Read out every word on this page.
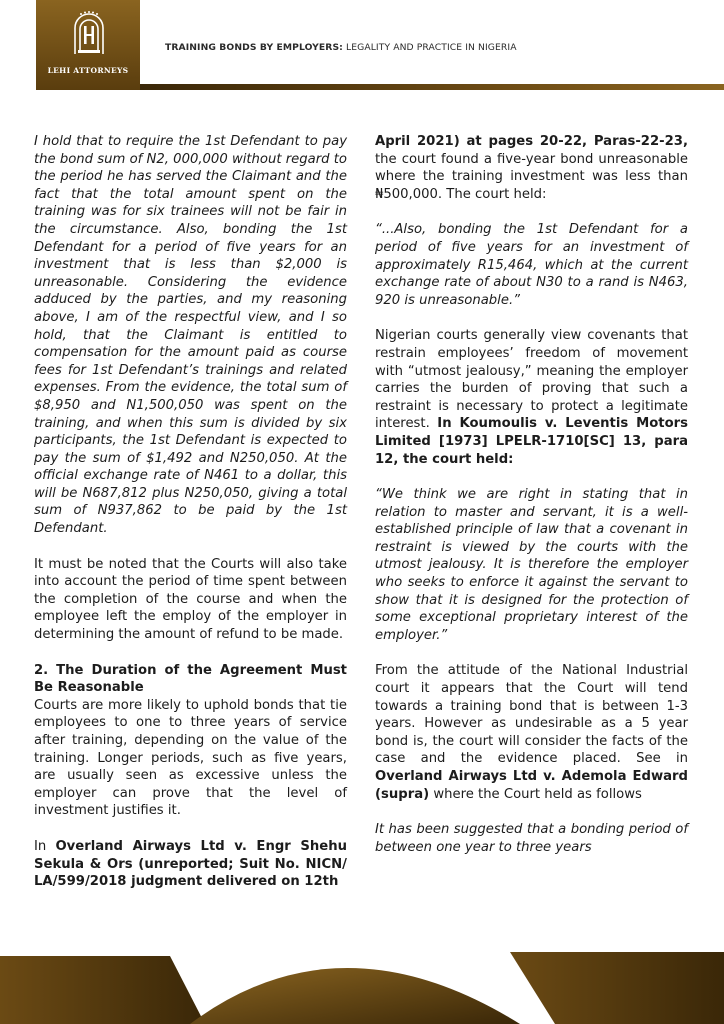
LEHI ATTORNEYS
TRAINING BONDS BY EMPLOYERS: LEGALITY AND PRACTICE IN NIGERIA

I hold that to require the 1st Defendant to pay the bond sum of N2, 000,000 without regard to the period he has served the Claimant and the fact that the total amount spent on the training was for six trainees will not be fair in the circumstance. Also, bonding the 1st Defendant for a period of five years for an investment that is less than $2,000 is unreasonable. Considering the evidence adduced by the parties, and my reasoning above, I am of the respectful view, and I so hold, that the Claimant is entitled to compensation for the amount paid as course fees for 1st Defendant’s trainings and related expenses. From the evidence, the total sum of $8,950 and N1,500,050 was spent on the training, and when this sum is divided by six participants, the 1st Defendant is expected to pay the sum of $1,492 and N250,050. At the official exchange rate of N461 to a dollar, this will be N687,812 plus N250,050, giving a total sum of N937,862 to be paid by the 1st Defendant.

It must be noted that the Courts will also take into account the period of time spent between the completion of the course and when the employee left the employ of the employer in determining the amount of refund to be made.

2. The Duration of the Agreement Must Be Reasonable

Courts are more likely to uphold bonds that tie employees to one to three years of service after training, depending on the value of the training. Longer periods, such as five years, are usually seen as excessive unless the employer can prove that the level of investment justifies it.

In Overland Airways Ltd v. Engr Shehu Sekula & Ors (unreported; Suit No. NICN/ LA/599/2018 judgment delivered on 12th

April 2021) at pages 20-22, Paras-22-23, the court found a five-year bond unreasonable where the training investment was less than ₦500,000. The court held:

“...Also, bonding the 1st Defendant for a period of five years for an investment of approximately R15,464, which at the current exchange rate of about N30 to a rand is N463, 920 is unreasonable.”

Nigerian courts generally view covenants that restrain employees’ freedom of movement with “utmost jealousy,” meaning the employer carries the burden of proving that such a restraint is necessary to protect a legitimate interest. In Koumoulis v. Leventis Motors Limited [1973] LPELR-1710[SC] 13, para 12, the court held:

“We think we are right in stating that in relation to master and servant, it is a well-established principle of law that a covenant in restraint is viewed by the courts with the utmost jealousy. It is therefore the employer who seeks to enforce it against the servant to show that it is designed for the protection of some exceptional proprietary interest of the employer.”

From the attitude of the National Industrial court it appears that the Court will tend towards a training bond that is between 1-3 years. However as undesirable as a 5 year bond is, the court will consider the facts of the case and the evidence placed. See in Overland Airways Ltd v. Ademola Edward (supra) where the Court held as follows

It has been suggested that a bonding period of between one year to three years
